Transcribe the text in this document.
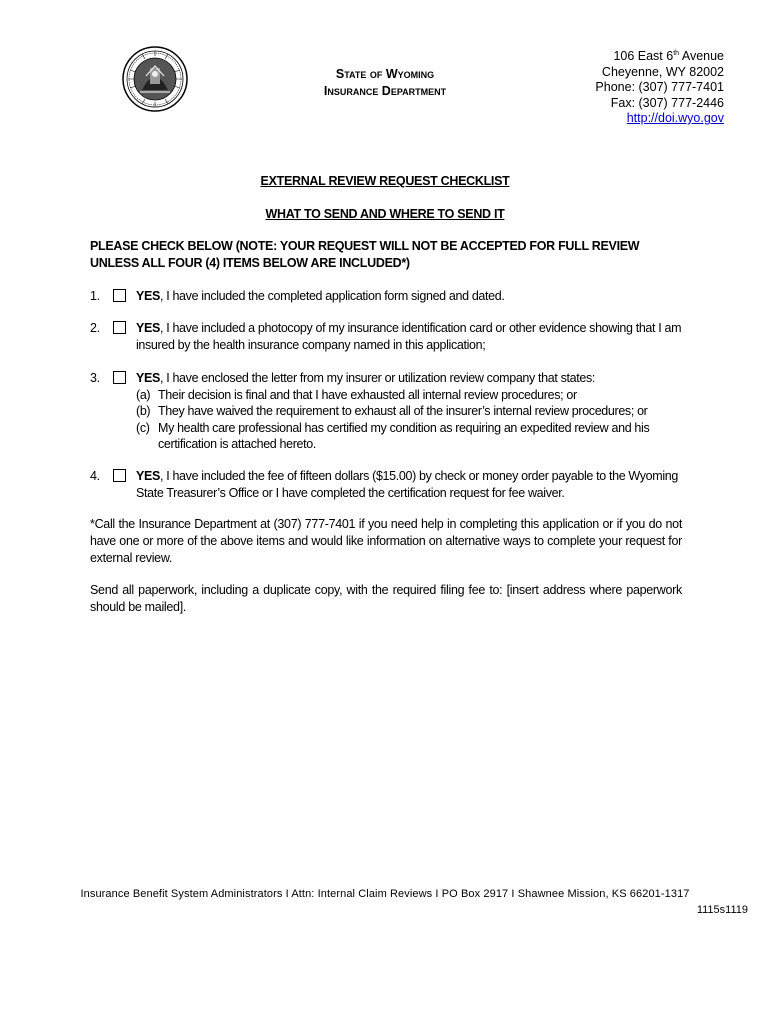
State of Wyoming
Insurance Department
106 East 6th Avenue
Cheyenne, WY 82002
Phone: (307) 777-7401
Fax: (307) 777-2446
http://doi.wyo.gov
EXTERNAL REVIEW REQUEST CHECKLIST
WHAT TO SEND AND WHERE TO SEND IT
PLEASE CHECK BELOW (NOTE: YOUR REQUEST WILL NOT BE ACCEPTED FOR FULL REVIEW UNLESS ALL FOUR (4) ITEMS BELOW ARE INCLUDED*)
1.	YES, I have included the completed application form signed and dated.
2.	YES, I have included a photocopy of my insurance identification card or other evidence showing that I am insured by the health insurance company named in this application;
3.	YES, I have enclosed the letter from my insurer or utilization review company that states:
(a) Their decision is final and that I have exhausted all internal review procedures; or
(b) They have waived the requirement to exhaust all of the insurer’s internal review procedures; or
(c) My health care professional has certified my condition as requiring an expedited review and his certification is attached hereto.
4.	YES, I have included the fee of fifteen dollars ($15.00) by check or money order payable to the Wyoming State Treasurer’s Office or I have completed the certification request for fee waiver.
*Call the Insurance Department at (307) 777-7401 if you need help in completing this application or if you do not have one or more of the above items and would like information on alternative ways to complete your request for external review.
Send all paperwork, including a duplicate copy, with the required filing fee to: [insert address where paperwork should be mailed].
Insurance Benefit System Administrators I Attn: Internal Claim Reviews I PO Box 2917 I Shawnee Mission, KS 66201-1317
1115s1119
